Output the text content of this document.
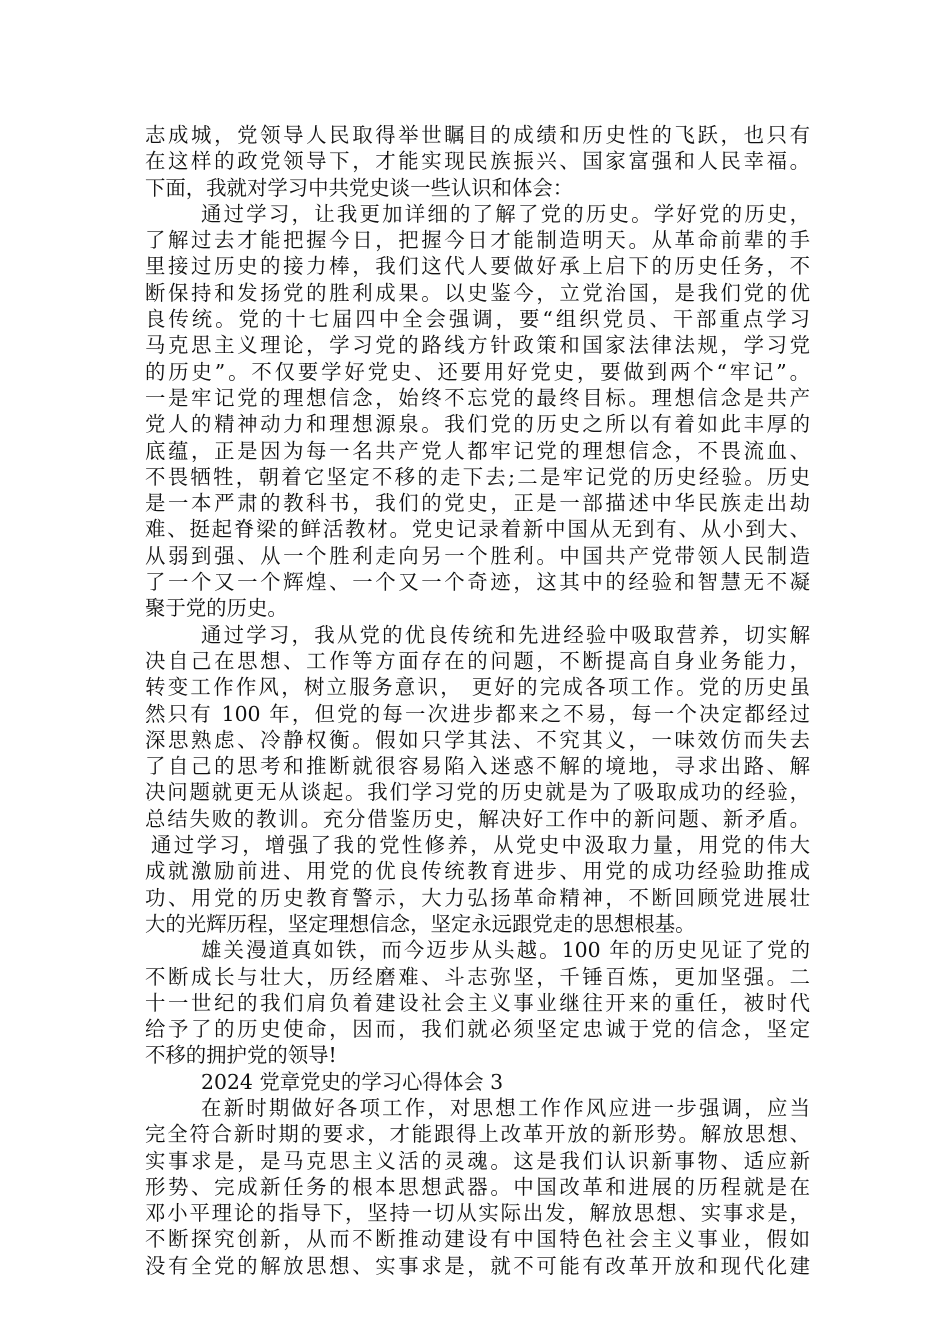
志成城，党领导人民取得举世瞩目的成绩和历史性的飞跃，也只有
在这样的政党领导下，才能实现民族振兴、国家富强和人民幸福。
下面，我就对学习中共党史谈一些认识和体会：
通过学习，让我更加详细的了解了党的历史。学好党的历史，
了解过去才能把握今日，把握今日才能制造明天。从革命前辈的手
里接过历史的接力棒，我们这代人要做好承上启下的历史任务，不
断保持和发扬党的胜利成果。以史鉴今，立党治国，是我们党的优
良传统。党的十七届四中全会强调，要“组织党员、干部重点学习
马克思主义理论，学习党的路线方针政策和国家法律法规，学习党
的历史”。不仅要学好党史、还要用好党史，要做到两个“牢记”。
一是牢记党的理想信念，始终不忘党的最终目标。理想信念是共产
党人的精神动力和理想源泉。我们党的历史之所以有着如此丰厚的
底蕴，正是因为每一名共产党人都牢记党的理想信念，不畏流血、
不畏牺牲，朝着它坚定不移的走下去;二是牢记党的历史经验。历史
是一本严肃的教科书，我们的党史，正是一部描述中华民族走出劫
难、挺起脊梁的鲜活教材。党史记录着新中国从无到有、从小到大、
从弱到强、从一个胜利走向另一个胜利。中国共产党带领人民制造
了一个又一个辉煌、一个又一个奇迹，这其中的经验和智慧无不凝
聚于党的历史。
通过学习，我从党的优良传统和先进经验中吸取营养，切实解
决自己在思想、工作等方面存在的问题，不断提高自身业务能力，
转变工作作风，树立服务意识， 更好的完成各项工作。党的历史虽
然只有 100 年，但党的每一次进步都来之不易，每一个决定都经过
深思熟虑、冷静权衡。假如只学其法、不究其义，一味效仿而失去
了自己的思考和推断就很容易陷入迷惑不解的境地，寻求出路、解
决问题就更无从谈起。我们学习党的历史就是为了吸取成功的经验，
总结失败的教训。充分借鉴历史，解决好工作中的新问题、新矛盾。
通过学习，增强了我的党性修养，从党史中汲取力量，用党的伟大
成就激励前进、用党的优良传统教育进步、用党的成功经验助推成
功、用党的历史教育警示，大力弘扬革命精神，不断回顾党进展壮
大的光辉历程，坚定理想信念，坚定永远跟党走的思想根基。
雄关漫道真如铁，而今迈步从头越。100 年的历史见证了党的
不断成长与壮大，历经磨难、斗志弥坚，千锤百炼，更加坚强。二
十一世纪的我们肩负着建设社会主义事业继往开来的重任，被时代
给予了的历史使命，因而，我们就必须坚定忠诚于党的信念，坚定
不移的拥护党的领导!
2024 党章党史的学习心得体会 3
在新时期做好各项工作，对思想工作作风应进一步强调，应当
完全符合新时期的要求，才能跟得上改革开放的新形势。解放思想、
实事求是，是马克思主义活的灵魂。这是我们认识新事物、适应新
形势、完成新任务的根本思想武器。中国改革和进展的历程就是在
邓小平理论的指导下，坚持一切从实际出发，解放思想、实事求是，
不断探究创新，从而不断推动建设有中国特色社会主义事业，假如
没有全党的解放思想、实事求是，就不可能有改革开放和现代化建
